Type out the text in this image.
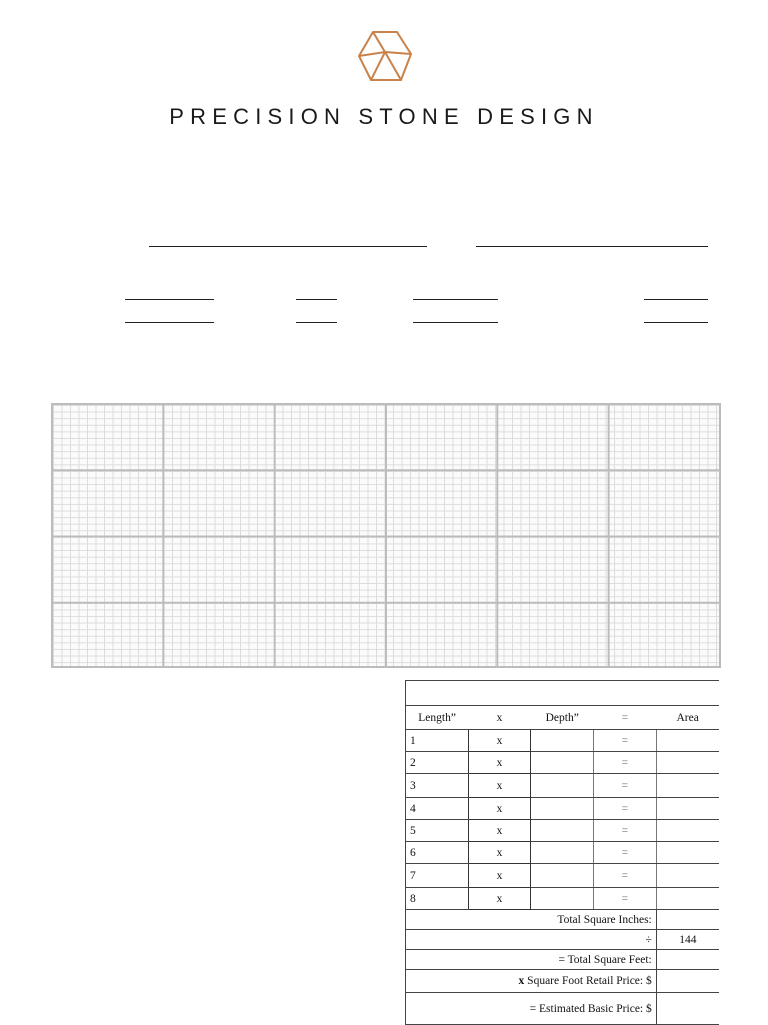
PRECISION STONE DESIGN

Length”	x	Depth”	=	Area
1	x		=	
2	x		=	
3	x		=	
4	x		=	
5	x		=	
6	x		=	
7	x		=	
8	x		=	
Total Square Inches:				
÷				144
= Total Square Feet:				
x Square Foot Retail Price: $				
= Estimated Basic Price: $				
